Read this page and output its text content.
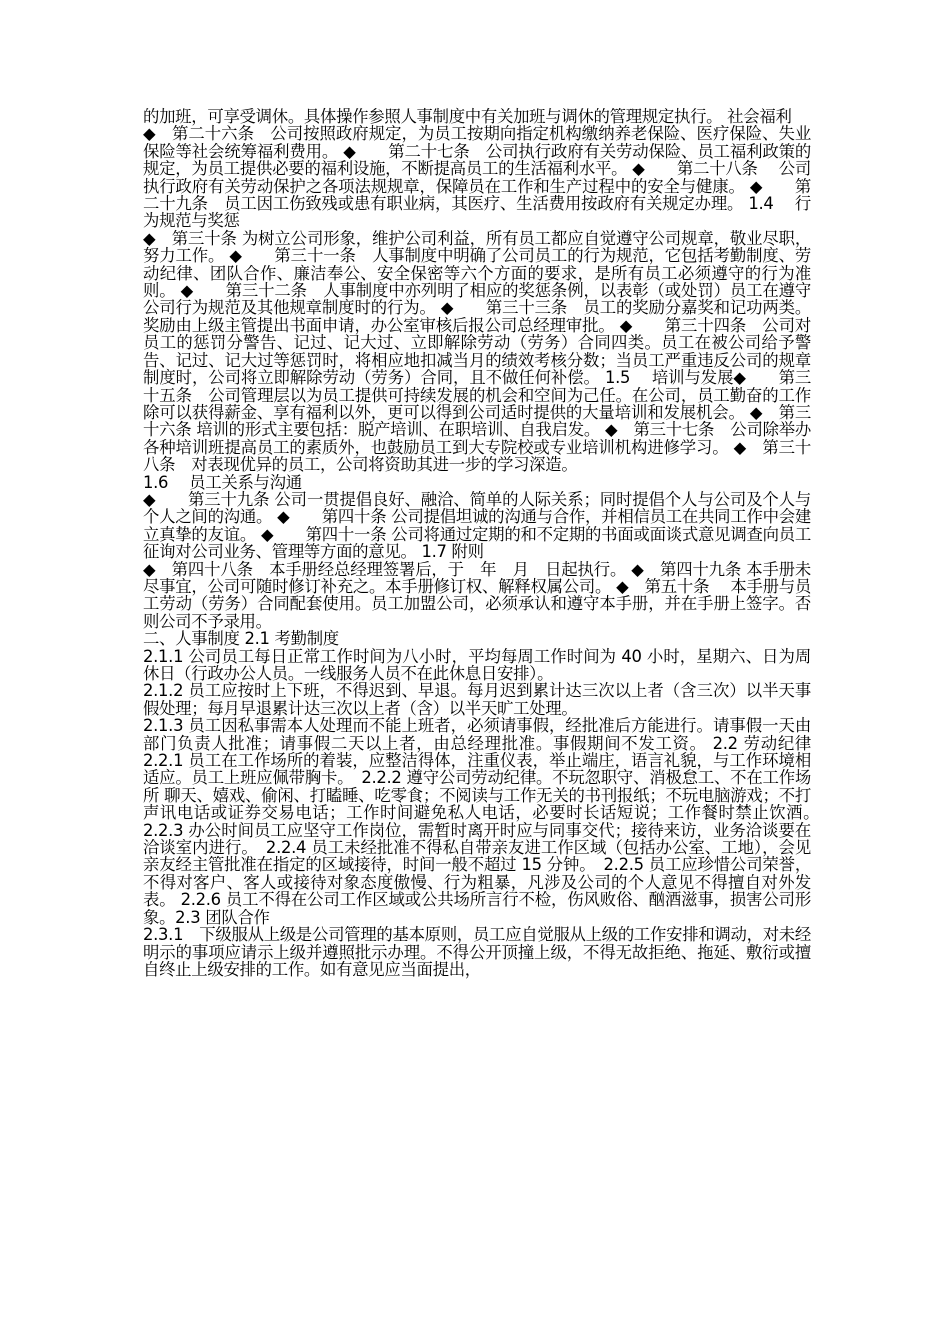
的加班，可享受调休。具体操作参照人事制度中有关加班与调休的管理规定执行。 社会福利

◆　第二十六条　公司按照政府规定，为员工按期向指定机构缴纳养老保险、医疗保险、失业保险等社会统筹福利费用。 ◆　　第二十七条　公司执行政府有关劳动保险、员工福利政策的规定，为员工提供必要的福利设施，不断提高员工的生活福利水平。 ◆　　第二十八条　 公司执行政府有关劳动保护之各项法规规章，保障员在工作和生产过程中的安全与健康。 ◆　　第二十九条　员工因工伤致残或患有职业病，其医疗、生活费用按政府有关规定办理。 1.4　 行为规范与奖惩

◆　第三十条 为树立公司形象，维护公司利益，所有员工都应自觉遵守公司规章，敬业尽职，努力工作。 ◆　　第三十一条　人事制度中明确了公司员工的行为规范，它包括考勤制度、劳动纪律、团队合作、廉洁奉公、安全保密等六个方面的要求，是所有员工必须遵守的行为准则。 ◆　　第三十二条　人事制度中亦列明了相应的奖惩条例，以表彰（或处罚）员工在遵守公司行为规范及其他规章制度时的行为。 ◆　　第三十三条　员工的奖励分嘉奖和记功两类。奖励由上级主管提出书面申请，办公室审核后报公司总经理审批。 ◆　　第三十四条　公司对员工的惩罚分警告、记过、记大过、立即解除劳动（劳务）合同四类。员工在被公司给予警告、记过、记大过等惩罚时，将相应地扣减当月的绩效考核分数；当员工严重违反公司的规章制度时，公司将立即解除劳动（劳务）合同，且不做任何补偿。 1.5　 培训与发展◆　　第三十五条　公司管理层以为员工提供可持续发展的机会和空间为己任。在公司，员工勤奋的工作除可以获得薪金、享有福利以外，更可以得到公司适时提供的大量培训和发展机会。 ◆　第三十六条 培训的形式主要包括：脱产培训、在职培训、自我启发。 ◆　第三十七条　公司除举办各种培训班提高员工的素质外，也鼓励员工到大专院校或专业培训机构进修学习。 ◆　第三十八条　对表现优异的员工，公司将资助其进一步的学习深造。

1.6　 员工关系与沟通

◆　　第三十九条 公司一贯提倡良好、融洽、简单的人际关系；同时提倡个人与公司及个人与个人之间的沟通。 ◆　　第四十条 公司提倡坦诚的沟通与合作，并相信员工在共同工作中会建立真挚的友谊。 ◆　　第四十一条 公司将通过定期的和不定期的书面或面谈式意见调查向员工征询对公司业务、管理等方面的意见。 1.7 附则

◆　第四十八条　本手册经总经理签署后，于　年　月　日起执行。 ◆　第四十九条 本手册未尽事宜，公司可随时修订补充之。本手册修订权、解释权属公司。 ◆　第五十条　 本手册与员工劳动（劳务）合同配套使用。员工加盟公司，必须承认和遵守本手册，并在手册上签字。否则公司不予录用。

二、人事制度 2.1 考勤制度

2.1.1 公司员工每日正常工作时间为八小时，平均每周工作时间为 40 小时，星期六、日为周休日（行政办公人员。一线服务人员不在此休息日安排）。

2.1.2 员工应按时上下班，不得迟到、早退。每月迟到累计达三次以上者（含三次）以半天事假处理；每月早退累计达三次以上者（含）以半天旷工处理。

2.1.3 员工因私事需本人处理而不能上班者，必须请事假，经批准后方能进行。请事假一天由部门负责人批准；请事假二天以上者，由总经理批准。事假期间不发工资。 2.2 劳动纪律　　2.2.1 员工在工作场所的着装，应整洁得体，注重仪表，举止端庄，语言礼貌，与工作环境相适应。员工上班应佩带胸卡。　2.2.2 遵守公司劳动纪律。不玩忽职守、消极怠工、不在工作场所 聊天、嬉戏、偷闲、打瞌睡、吃零食；不阅读与工作无关的书刊报纸；不玩电脑游戏；不打声讯电话或证券交易电话；工作时间避免私人电话，必要时长话短说；工作餐时禁止饮酒。　2.2.3 办公时间员工应坚守工作岗位，需暂时离开时应与同事交代；接待来访，业务洽谈要在洽谈室内进行。　2.2.4 员工未经批准不得私自带亲友进工作区域（包括办公室、工地），会见亲友经主管批准在指定的区域接待，时间一般不超过 15 分钟。　2.2.5 员工应珍惜公司荣誉，不得对客户、客人或接待对象态度傲慢、行为粗暴，凡涉及公司的个人意见不得擅自对外发表。 2.2.6 员工不得在公司工作区域或公共场所言行不检，伤风败俗、酗酒滋事，损害公司形象。2.3 团队合作

2.3.1　下级服从上级是公司管理的基本原则，员工应自觉服从上级的工作安排和调动，对未经明示的事项应请示上级并遵照批示办理。不得公开顶撞上级，不得无故拒绝、拖延、敷衍或擅自终止上级安排的工作。如有意见应当面提出，
